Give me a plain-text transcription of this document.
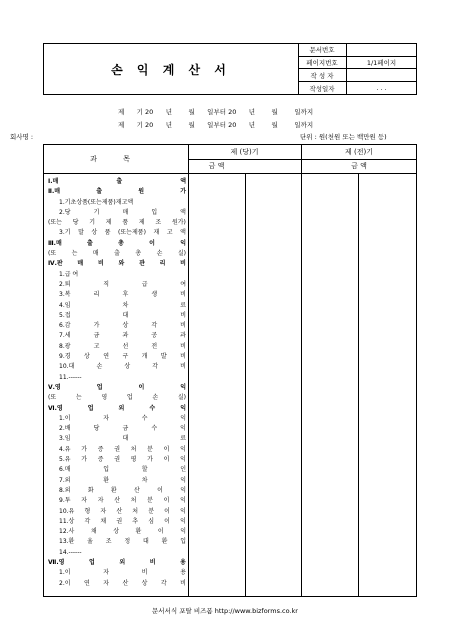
손 익 계 산 서
문서번호	
페이지번호	1/1페이지
작 성 자	
작성일자	. . .
제      기 20      년        월      일부터 20      년        월        일까지
제      기 20      년        월      일부터 20      년        월        일까지
회사명 :	단위 : 원(천원 또는 백만원 등)
과 목
제 (당)기	제 (전)기
금 액	금 액
Ⅰ.매	출	액
Ⅱ.매	출	원	가
1.기초상품(또는제품)재고액
2.당	기	매	입	액
(또는 당 기 제 품 제 조 원가)
3.기 말 상 품 (또는제품) 재 고 액
Ⅲ.매	출	총	이	익
(또	는	매	출	총	손	실)
Ⅳ.판 매 비 와 관 리 비
1.급 여
2.퇴	직	급	여
3.복	리	후	생	비
4.임	차	료
5.접	대	비
6.감	가	상	각	비
7.세	금	과	공	과
8.광	고	선	전	비
9.경 상 연 구 개 발 비
10.대	손	상	각	비
11.------
Ⅴ.영	업	이	익
(또	는	영	업	손	실)
Ⅵ.영	업	외	수	익
1.이	자	수	익
2.배	당	금	수	익
3.임	대	료
4.유 가 증 권 처 분 이 익
5.유 가 증 권 평 가 이 익
6.매	입	할	인
7.외	환	차	익
8.외	화	환	산	이	익
9.투 자 자 산 처 분 이 익
10.유 형 자 산 처 분 이 익
11.상 각 채 권 추 심 이 익
12.사	채	상	환	이	익
13.환 율 조 정 대 환 입
14.------
Ⅶ.영	업	외	비	용
1.이	자	비	용
2.이 연 자 산 상 각 비
문서서식 포탈 비즈폼 http://www.bizforms.co.kr
